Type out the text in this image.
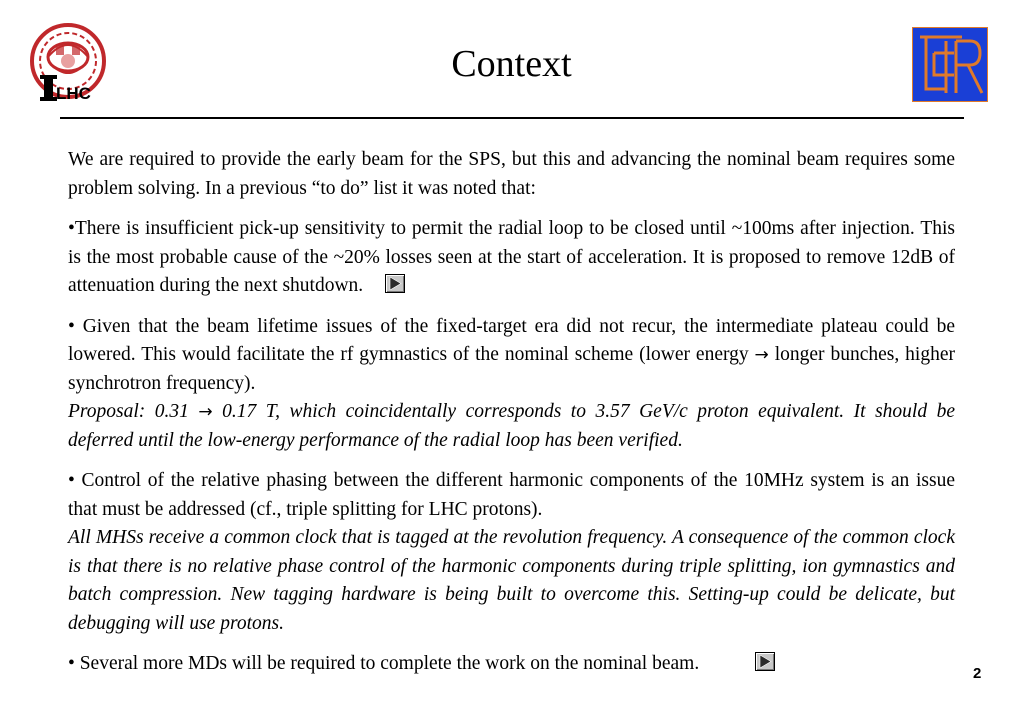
LHC
Context

We are required to provide the early beam for the SPS, but this and advancing the nominal beam requires some problem solving. In a previous “to do” list it was noted that:

•There is insufficient pick-up sensitivity to permit the radial loop to be closed until ~100ms after injection. This is the most probable cause of the ~20% losses seen at the start of acceleration. It is proposed to remove 12dB of attenuation during the next shutdown.

• Given that the beam lifetime issues of the fixed-target era did not recur, the intermediate plateau could be lowered. This would facilitate the rf gymnastics of the nominal scheme (lower energy → longer bunches, higher synchrotron frequency).

Proposal: 0.31 → 0.17 T, which coincidentally corresponds to 3.57 GeV/c proton equivalent. It should be deferred until the low-energy performance of the radial loop has been verified.

• Control of the relative phasing between the different harmonic components of the 10MHz system is an issue that must be addressed (cf., triple splitting for LHC protons).

All MHSs receive a common clock that is tagged at the revolution frequency. A consequence of the common clock is that there is no relative phase control of the harmonic components during triple splitting, ion gymnastics and batch compression. New tagging hardware is being built to overcome this. Setting-up could be delicate, but debugging will use protons.

• Several more MDs will be required to complete the work on the nominal beam.	2
